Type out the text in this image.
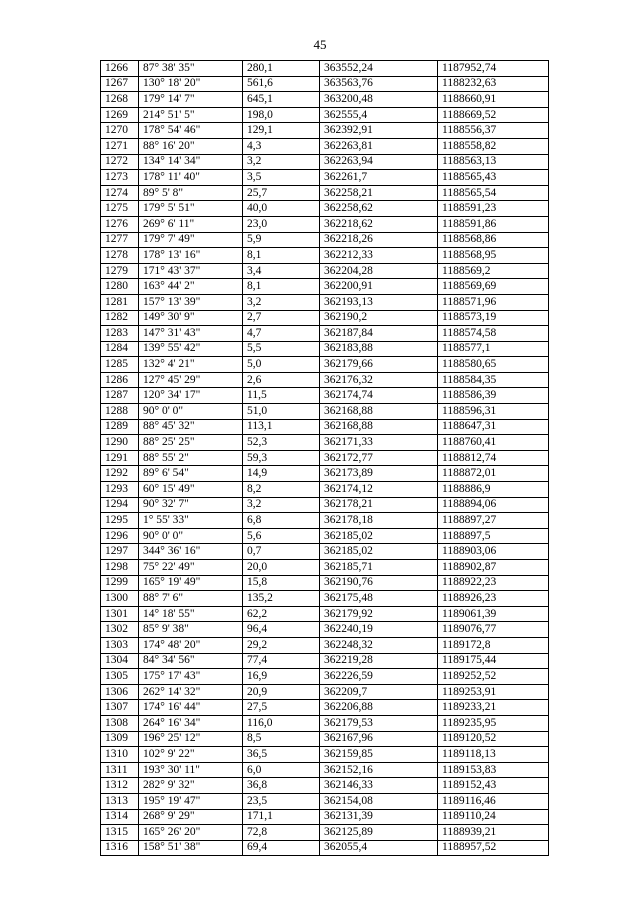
45
1266	87° 38' 35"	280,1	363552,24	1187952,74
1267	130° 18' 20"	561,6	363563,76	1188232,63
1268	179° 14' 7"	645,1	363200,48	1188660,91
1269	214° 51' 5"	198,0	362555,4	1188669,52
1270	178° 54' 46"	129,1	362392,91	1188556,37
1271	88° 16' 20"	4,3	362263,81	1188558,82
1272	134° 14' 34"	3,2	362263,94	1188563,13
1273	178° 11' 40"	3,5	362261,7	1188565,43
1274	89° 5' 8"	25,7	362258,21	1188565,54
1275	179° 5' 51"	40,0	362258,62	1188591,23
1276	269° 6' 11"	23,0	362218,62	1188591,86
1277	179° 7' 49"	5,9	362218,26	1188568,86
1278	178° 13' 16"	8,1	362212,33	1188568,95
1279	171° 43' 37"	3,4	362204,28	1188569,2
1280	163° 44' 2"	8,1	362200,91	1188569,69
1281	157° 13' 39"	3,2	362193,13	1188571,96
1282	149° 30' 9"	2,7	362190,2	1188573,19
1283	147° 31' 43"	4,7	362187,84	1188574,58
1284	139° 55' 42"	5,5	362183,88	1188577,1
1285	132° 4' 21"	5,0	362179,66	1188580,65
1286	127° 45' 29"	2,6	362176,32	1188584,35
1287	120° 34' 17"	11,5	362174,74	1188586,39
1288	90° 0' 0"	51,0	362168,88	1188596,31
1289	88° 45' 32"	113,1	362168,88	1188647,31
1290	88° 25' 25"	52,3	362171,33	1188760,41
1291	88° 55' 2"	59,3	362172,77	1188812,74
1292	89° 6' 54"	14,9	362173,89	1188872,01
1293	60° 15' 49"	8,2	362174,12	1188886,9
1294	90° 32' 7"	3,2	362178,21	1188894,06
1295	1° 55' 33"	6,8	362178,18	1188897,27
1296	90° 0' 0"	5,6	362185,02	1188897,5
1297	344° 36' 16"	0,7	362185,02	1188903,06
1298	75° 22' 49"	20,0	362185,71	1188902,87
1299	165° 19' 49"	15,8	362190,76	1188922,23
1300	88° 7' 6"	135,2	362175,48	1188926,23
1301	14° 18' 55"	62,2	362179,92	1189061,39
1302	85° 9' 38"	96,4	362240,19	1189076,77
1303	174° 48' 20"	29,2	362248,32	1189172,8
1304	84° 34' 56"	77,4	362219,28	1189175,44
1305	175° 17' 43"	16,9	362226,59	1189252,52
1306	262° 14' 32"	20,9	362209,7	1189253,91
1307	174° 16' 44"	27,5	362206,88	1189233,21
1308	264° 16' 34"	116,0	362179,53	1189235,95
1309	196° 25' 12"	8,5	362167,96	1189120,52
1310	102° 9' 22"	36,5	362159,85	1189118,13
1311	193° 30' 11"	6,0	362152,16	1189153,83
1312	282° 9' 32"	36,8	362146,33	1189152,43
1313	195° 19' 47"	23,5	362154,08	1189116,46
1314	268° 9' 29"	171,1	362131,39	1189110,24
1315	165° 26' 20"	72,8	362125,89	1188939,21
1316	158° 51' 38"	69,4	362055,4	1188957,52
